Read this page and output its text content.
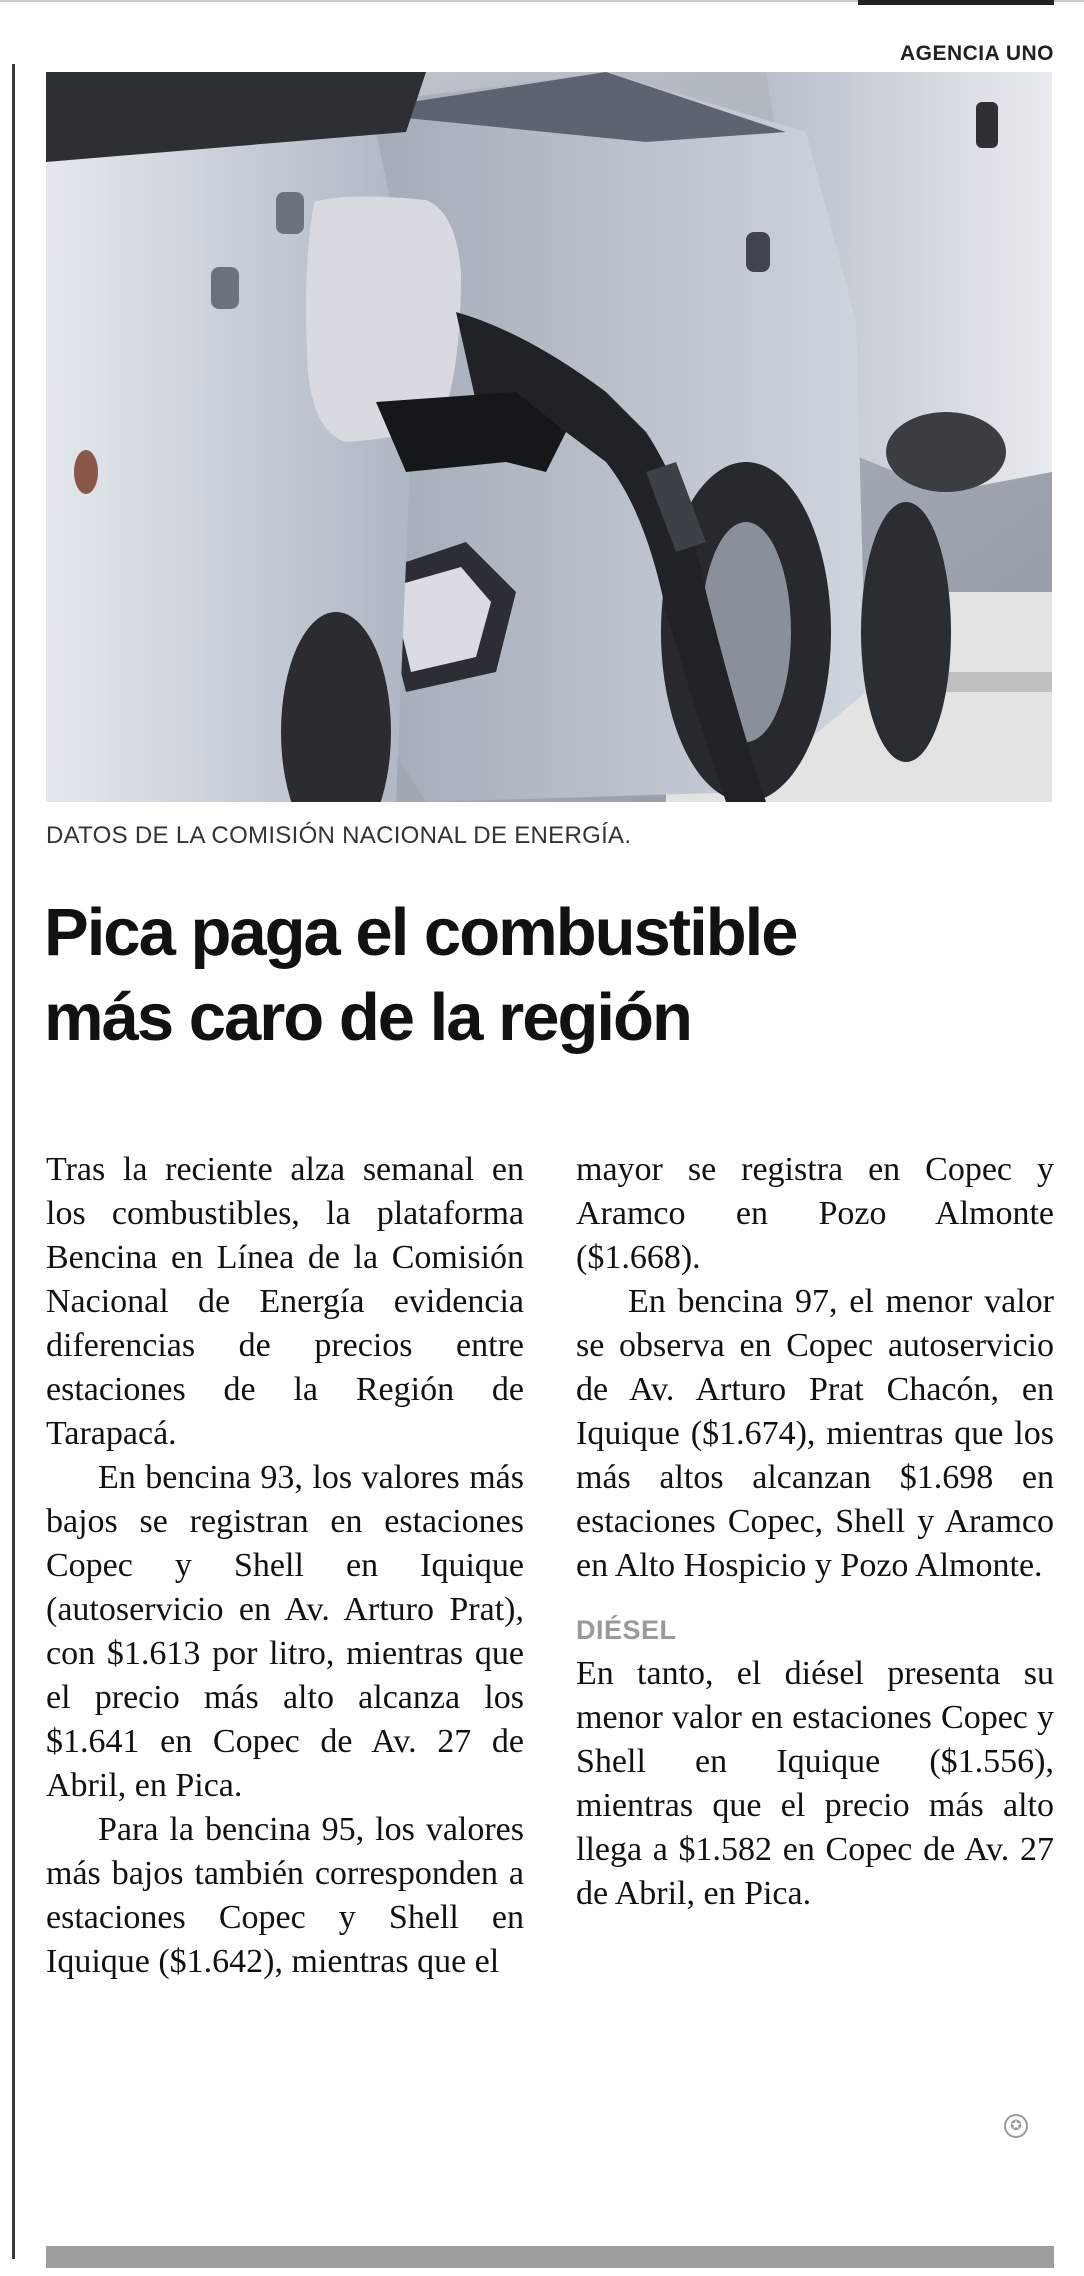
AGENCIA UNO
DATOS DE LA COMISIÓN NACIONAL DE ENERGÍA.
Pica paga el combustible
más caro de la región

Tras la reciente alza semanal en los combustibles, la plataforma Bencina en Línea de la Comisión Nacional de Energía evidencia diferencias de precios entre estaciones de la Región de Tarapacá.

En bencina 93, los valores más bajos se registran en estaciones Copec y Shell en Iquique (autoservicio en Av. Arturo Prat), con $1.613 por litro, mientras que el precio más alto alcanza los $1.641 en Copec de Av. 27 de Abril, en Pica.

Para la bencina 95, los valores más bajos también corresponden a estaciones Copec y Shell en Iquique ($1.642), mientras que el

mayor se registra en Copec y Aramco en Pozo Almonte ($1.668).

En bencina 97, el menor valor se observa en Copec autoservicio de Av. Arturo Prat Chacón, en Iquique ($1.674), mientras que los más altos alcanzan $1.698 en estaciones Copec, Shell y Aramco en Alto Hospicio y Pozo Almonte.

DIÉSEL

En tanto, el diésel presenta su menor valor en estaciones Copec y Shell en Iquique ($1.556), mientras que el precio más alto llega a $1.582 en Copec de Av. 27 de Abril, en Pica.

✪
